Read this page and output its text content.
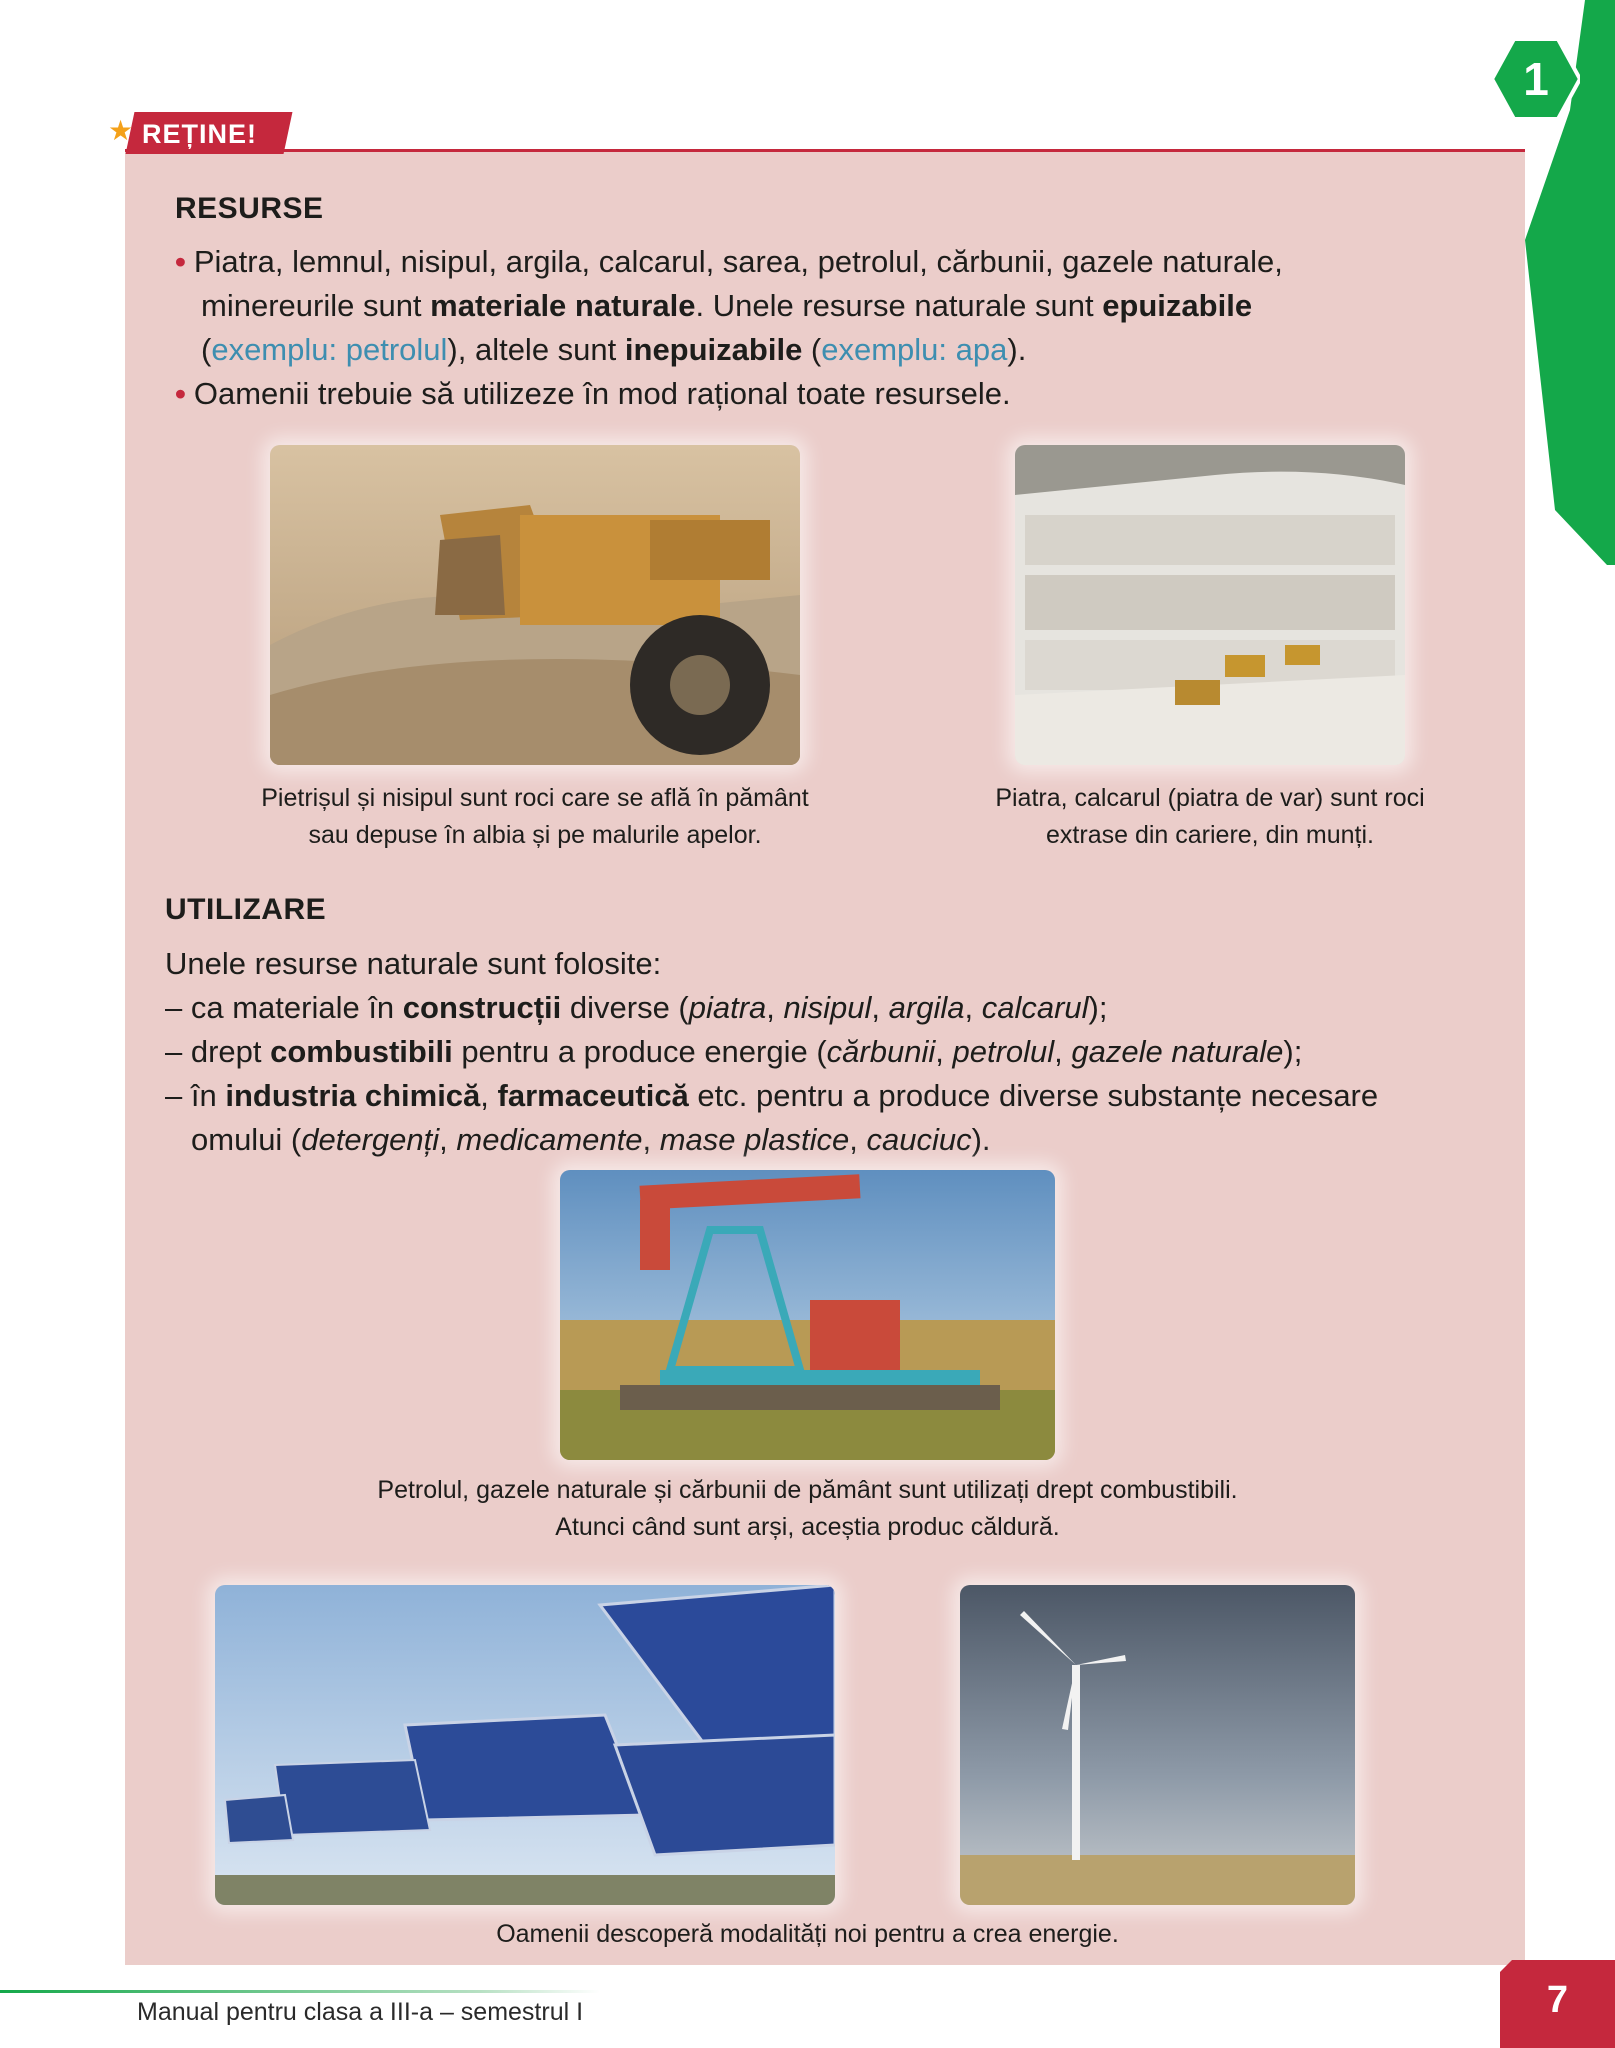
1
★ REȚINE!
RESURSE
• Piatra, lemnul, nisipul, argila, calcarul, sarea, petrolul, cărbunii, gazele naturale,
minereurile sunt materiale naturale. Unele resurse naturale sunt epuizabile
(exemplu: petrolul), altele sunt inepuizabile (exemplu: apa).
• Oamenii trebuie să utilizeze în mod rațional toate resursele.
Pietrișul și nisipul sunt roci care se află în pământ
sau depuse în albia și pe malurile apelor.
Piatra, calcarul (piatra de var) sunt roci
extrase din cariere, din munți.
UTILIZARE
Unele resurse naturale sunt folosite:
– ca materiale în construcții diverse (piatra, nisipul, argila, calcarul);
– drept combustibili pentru a produce energie (cărbunii, petrolul, gazele naturale);
– în industria chimică, farmaceutică etc. pentru a produce diverse substanțe necesare
omului (detergenți, medicamente, mase plastice, cauciuc).
Petrolul, gazele naturale și cărbunii de pământ sunt utilizați drept combustibili.
Atunci când sunt arși, aceștia produc căldură.
Oamenii descoperă modalități noi pentru a crea energie.
Manual pentru clasa a III-a – semestrul I	7
